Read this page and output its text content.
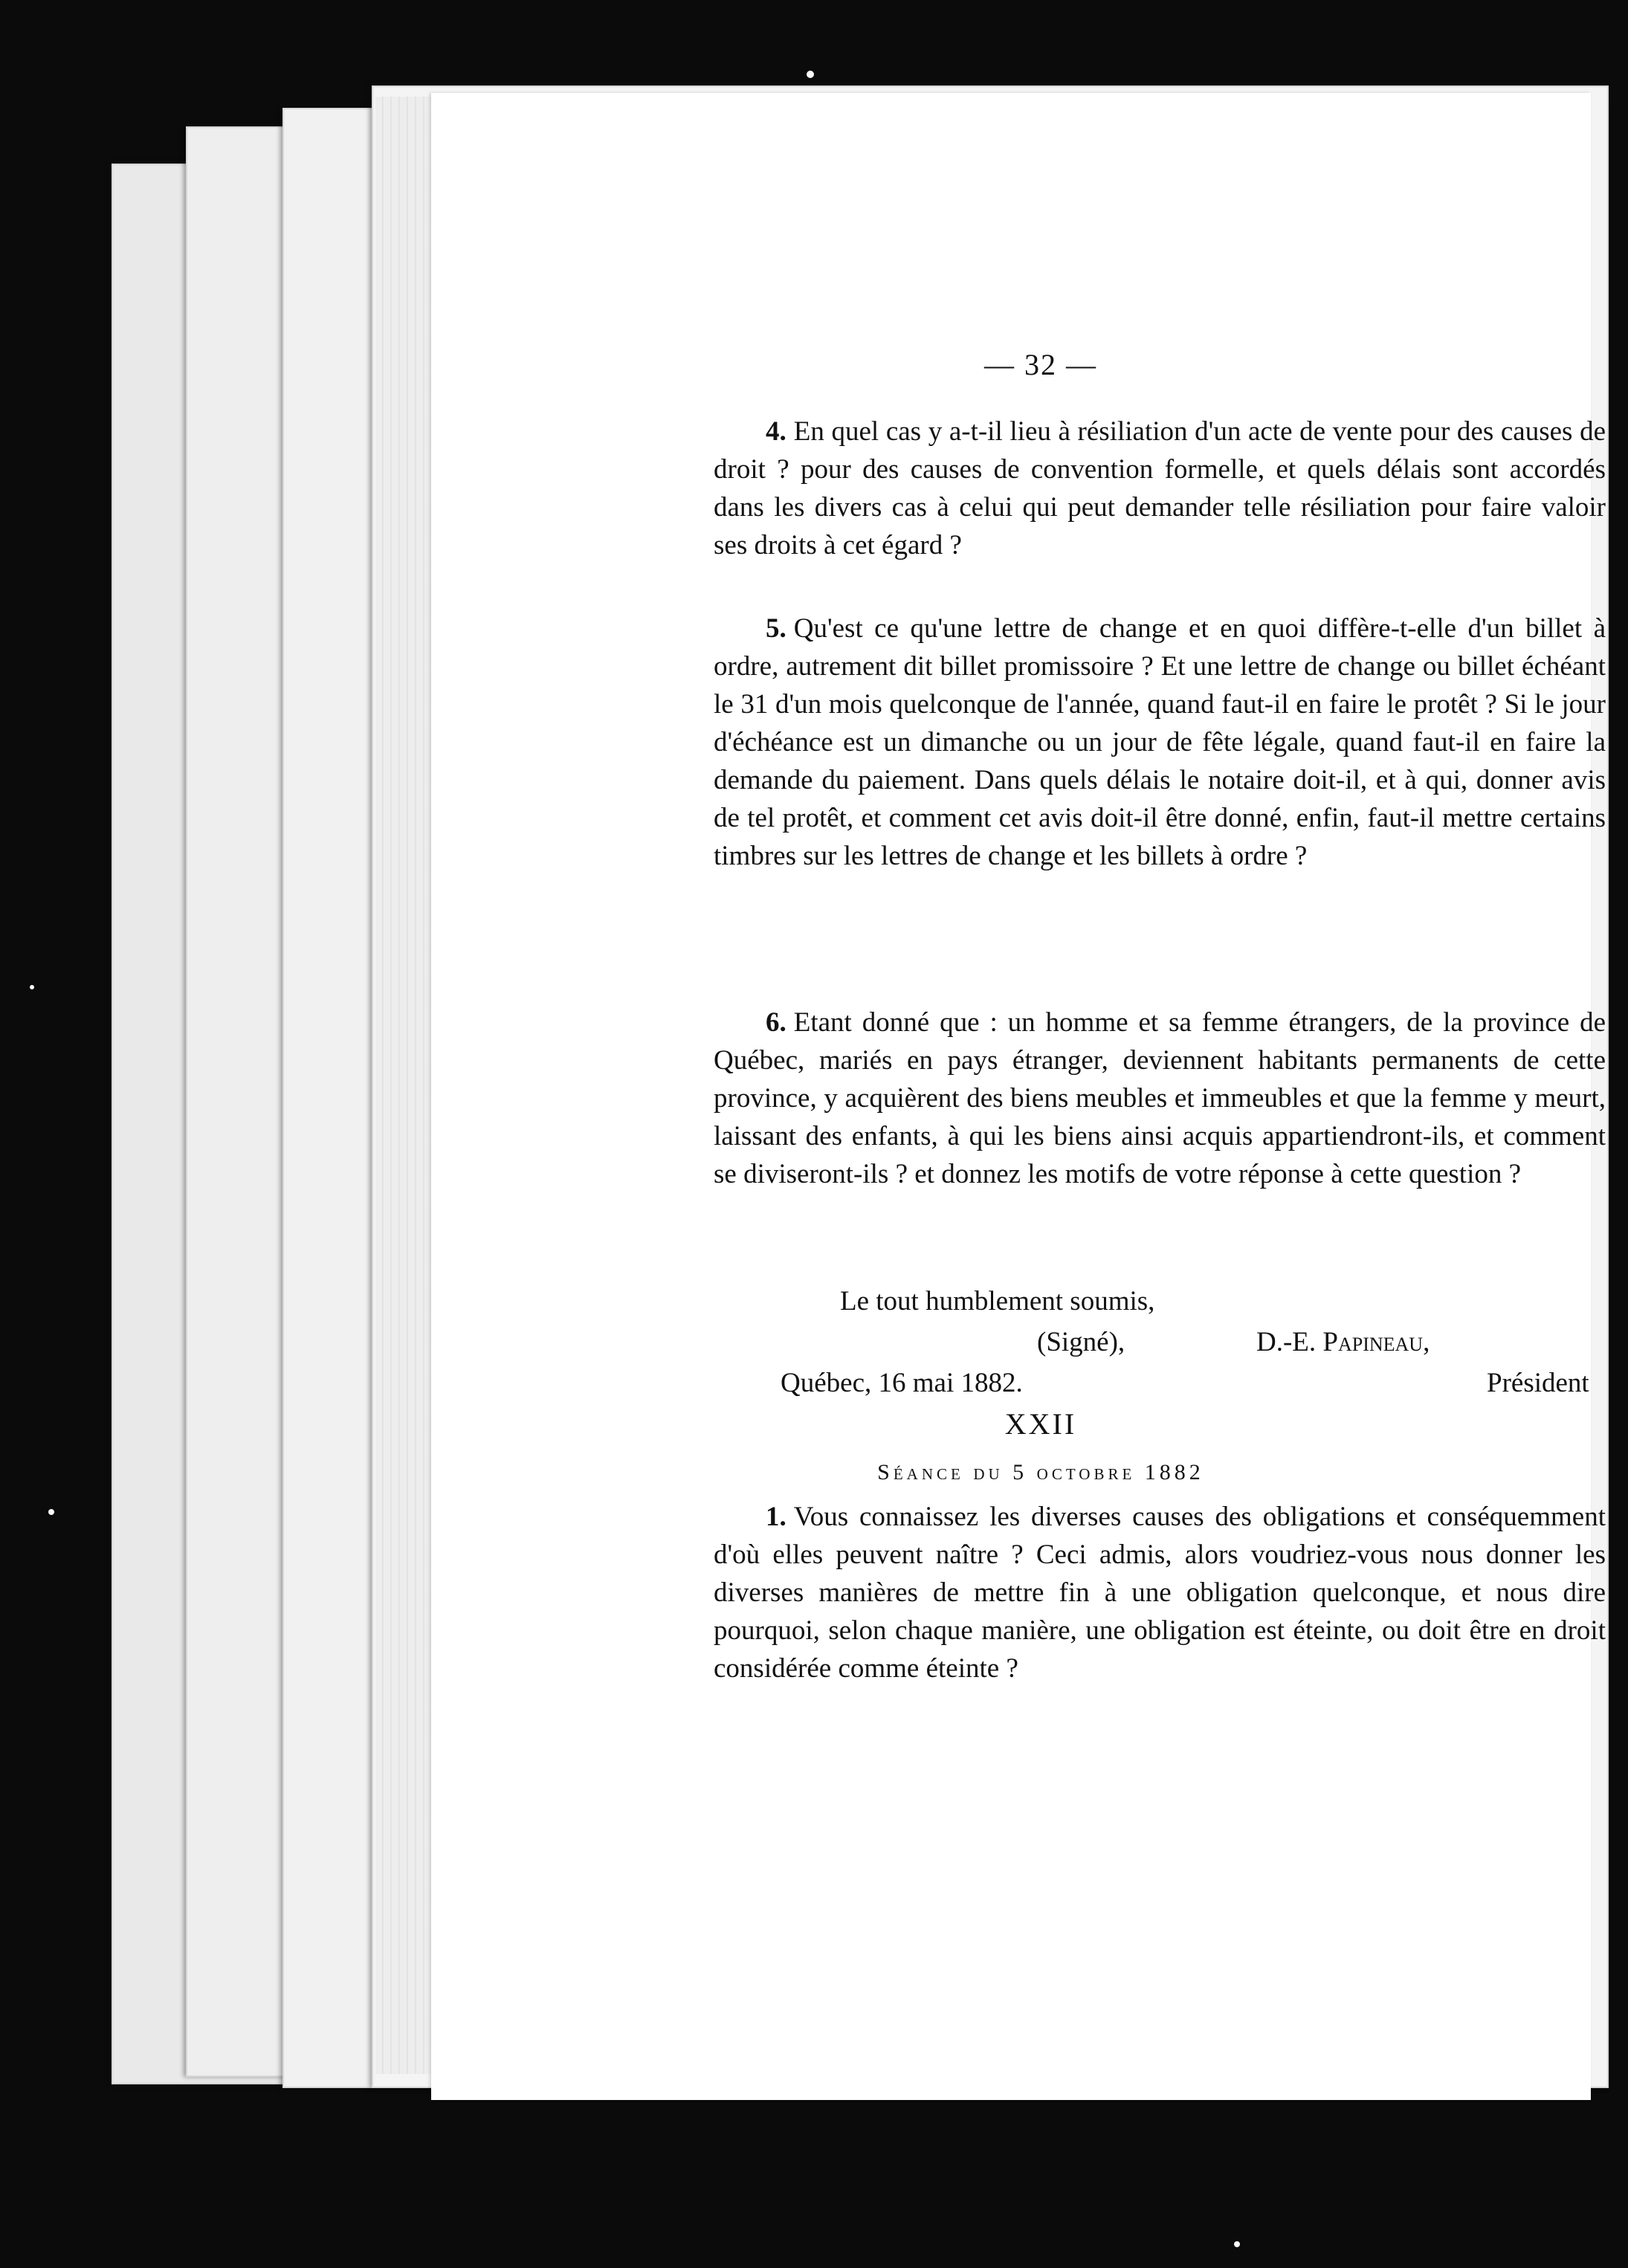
— 32 —

4. En quel cas y a-t-il lieu à résiliation d'un acte de vente pour des causes de droit ? pour des causes de convention formelle, et quels délais sont accordés dans les divers cas à celui qui peut demander telle résiliation pour faire valoir ses droits à cet égard ?

5. Qu'est ce qu'une lettre de change et en quoi diffère-t-elle d'un billet à ordre, autrement dit billet promissoire ? Et une lettre de change ou billet échéant le 31 d'un mois quelconque de l'année, quand faut-il en faire le protêt ? Si le jour d'échéance est un dimanche ou un jour de fête légale, quand faut-il en faire la demande du paiement. Dans quels délais le notaire doit-il, et à qui, donner avis de tel protêt, et comment cet avis doit-il être donné, enfin, faut-il mettre certains timbres sur les lettres de change et les billets à ordre ?

6. Etant donné que : un homme et sa femme étrangers, de la province de Québec, mariés en pays étranger, deviennent habitants permanents de cette province, y acquièrent des biens meubles et immeubles et que la femme y meurt, laissant des enfants, à qui les biens ainsi acquis appartiendront-ils, et comment se diviseront-ils ? et donnez les motifs de votre réponse à cette question ?

Le tout humblement soumis,
(Signé),	D.-E. Papineau,
Québec, 16 mai 1882.	Président
XXII
Séance du 5 octobre 1882

1. Vous connaissez les diverses causes des obligations et conséquemment d'où elles peuvent naître ? Ceci admis, alors voudriez-vous nous donner les diverses manières de mettre fin à une obligation quelconque, et nous dire pourquoi, selon chaque manière, une obligation est éteinte, ou doit être en droit considérée comme éteinte ?
